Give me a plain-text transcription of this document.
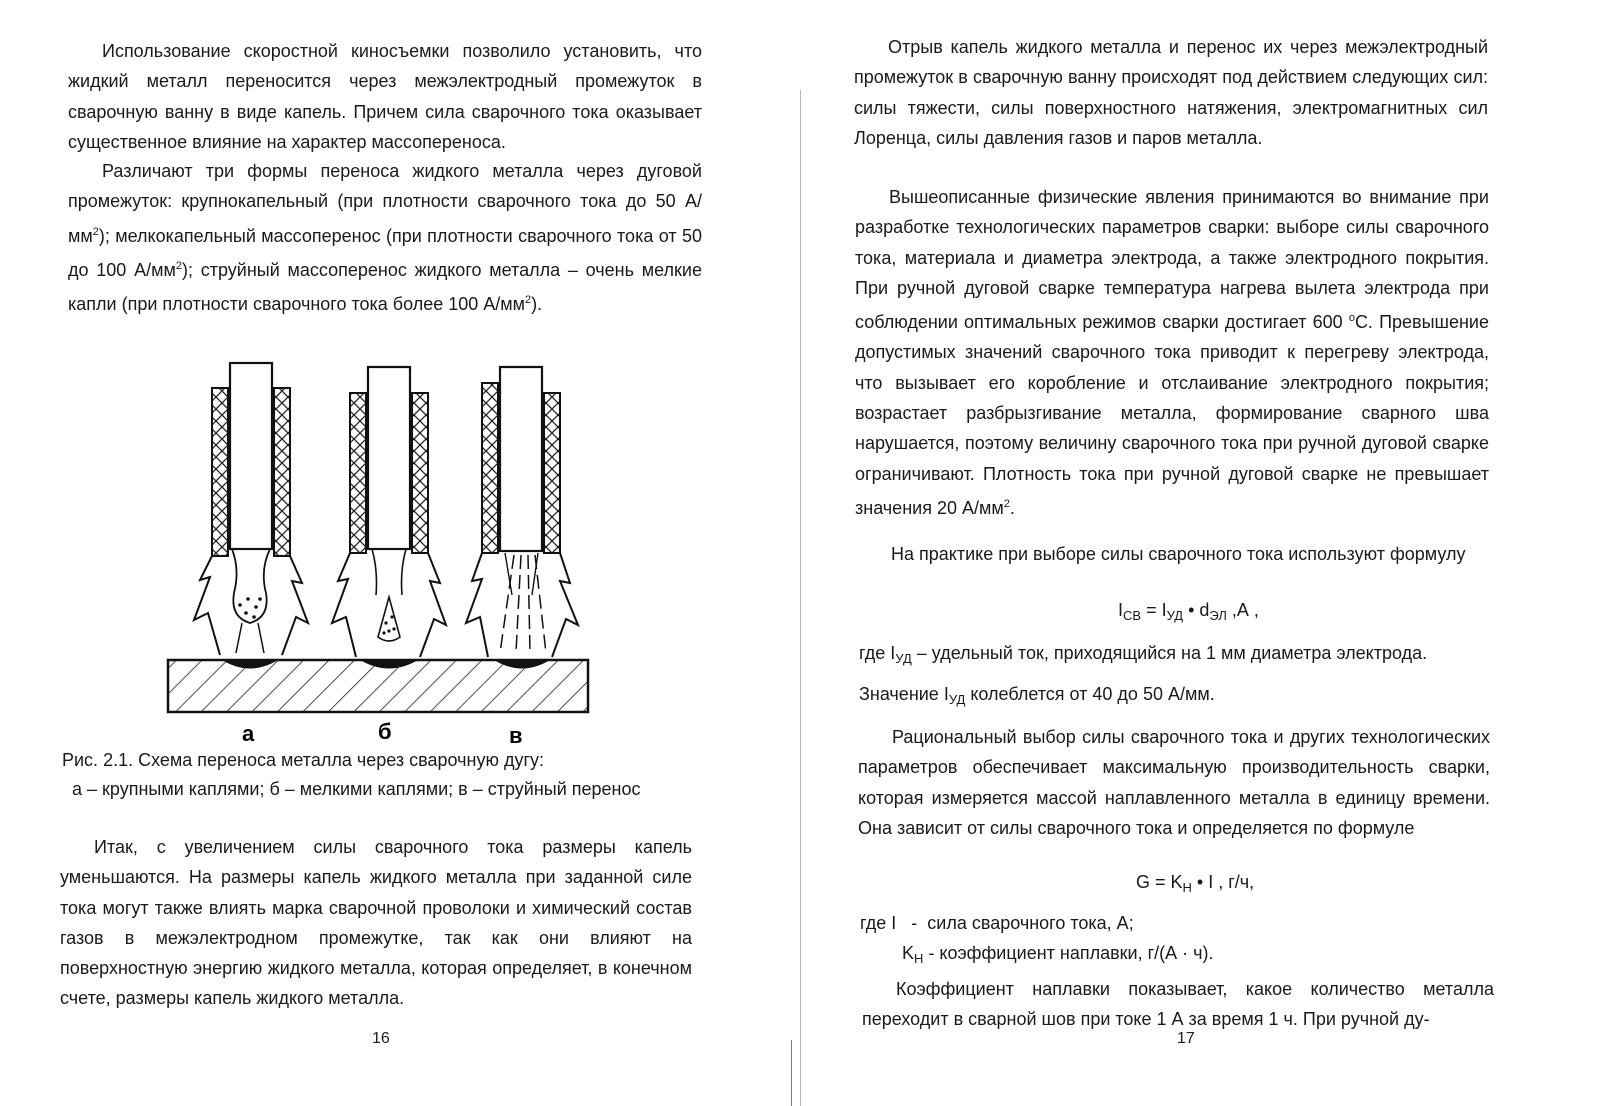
Использование скоростной киносъемки позволило установить, что жидкий металл переносится через межэлектродный промежуток в сварочную ванну в виде капель. Причем сила сварочного тока оказывает существенное влияние на характер массопереноса.

Различают три формы переноса жидкого металла через дуговой промежуток: крупнокапельный (при плотности сварочного тока до 50 $А/мм^2$); мелкокапельный массоперенос (при плотности сварочного тока от 50 до 100 $А/мм^2$); струйный массоперенос жидкого металла – очень мелкие капли (при плотности сварочного тока более 100 $А/мм^2$).

а	б	в

Рис. 2.1. Схема переноса металла через сварочную дугу:

а – крупными каплями; б – мелкими каплями; в – струйный перенос

Итак, с увеличением силы сварочного тока размеры капель уменьшаются. На размеры капель жидкого металла при заданной силе тока могут также влиять марка сварочной проволоки и химический состав газов в межэлектродном промежутке, так как они влияют на поверхностную энергию жидкого металла, которая определяет, в конечном счете, размеры капель жидкого металла.

16

Отрыв капель жидкого металла и перенос их через межэлектродный промежуток в сварочную ванну происходят под действием следующих сил: силы тяжести, силы поверхностного натяжения, электромагнитных сил Лоренца, силы давления газов и паров металла.

Вышеописанные физические явления принимаются во внимание при разработке технологических параметров сварки: выборе силы сварочного тока, материала и диаметра электрода, а также электродного покрытия. При ручной дуговой сварке температура нагрева вылета электрода при соблюдении оптимальных режимов сварки достигает 600 $^о$С. Превышение допустимых значений сварочного тока приводит к перегреву электрода, что вызывает его коробление и отслаивание электродного покрытия; возрастает разбрызгивание металла, формирование сварного шва нарушается, поэтому величину сварочного тока при ручной дуговой сварке ограничивают. Плотность тока при ручной дуговой сварке не превышает значения 20 $А/мм^2$.

На практике при выборе силы сварочного тока используют формулу

$I_{СВ} = I_{УД}$ • $d_{ЭЛ}$ ,А ,
где $I_{УД}$ – удельный ток, приходящийся на 1 мм диаметра электрода.
Значение $I_{УД}$ колеблется от 40 до 50 А/мм.

Рациональный выбор силы сварочного тока и других технологических параметров обеспечивает максимальную производительность сварки, которая измеряется массой наплавленного металла в единицу времени. Она зависит от силы сварочного тока и определяется по формуле

$G = K_Н$ • I , г/ч,
где I   -  сила сварочного тока, А;
$K_Н$ - коэффициент наплавки, г/(А · ч).

Коэффициент наплавки показывает, какое количество металла переходит в сварной шов при токе 1 А за время 1 ч. При ручной ду-

17
